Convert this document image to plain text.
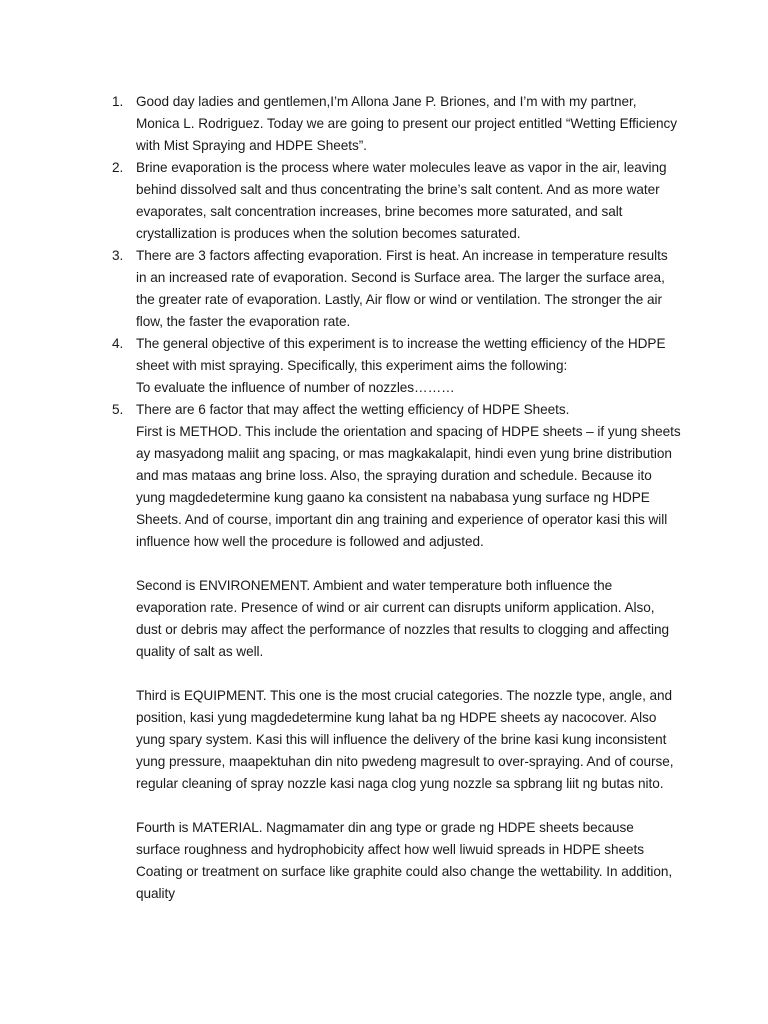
1. Good day ladies and gentlemen,I’m Allona Jane P. Briones, and I’m with my partner, Monica L. Rodriguez. Today we are going to present our project entitled “Wetting Efficiency with Mist Spraying and HDPE Sheets”.

2. Brine evaporation is the process where water molecules leave as vapor in the air, leaving behind dissolved salt and thus concentrating the brine’s salt content. And as more water evaporates, salt concentration increases, brine becomes more saturated, and salt crystallization is produces when the solution becomes saturated.

3. There are 3 factors affecting evaporation. First is heat. An increase in temperature results in an increased rate of evaporation. Second is Surface area. The larger the surface area, the greater rate of evaporation. Lastly, Air flow or wind or ventilation. The stronger the air flow, the faster the evaporation rate.

4. The general objective of this experiment is to increase the wetting efficiency of the HDPE sheet with mist spraying. Specifically, this experiment aims the following:

To evaluate the influence of number of nozzles………

5. There are 6 factor that may affect the wetting efficiency of HDPE Sheets.

First is METHOD. This include the orientation and spacing of HDPE sheets – if yung sheets ay masyadong maliit ang spacing, or mas magkakalapit, hindi even yung brine distribution and mas mataas ang brine loss. Also, the spraying duration and schedule. Because ito yung magdedetermine kung gaano ka consistent na nababasa yung surface ng HDPE Sheets. And of course, important din ang training and experience of operator kasi this will influence how well the procedure is followed and adjusted.

Second is ENVIRONEMENT. Ambient and water temperature both influence the evaporation rate. Presence of wind or air current can disrupts uniform application. Also, dust or debris may affect the performance of nozzles that results to clogging and affecting quality of salt as well.

Third is EQUIPMENT. This one is the most crucial categories. The nozzle type, angle, and position, kasi yung magdedetermine kung lahat ba ng HDPE sheets ay nacocover. Also yung spary system. Kasi this will influence the delivery of the brine kasi kung inconsistent yung pressure, maapektuhan din nito pwedeng magresult to over-spraying. And of course, regular cleaning of spray nozzle kasi naga clog yung nozzle sa spbrang liit ng butas nito.

Fourth is MATERIAL. Nagmamater din ang type or grade ng HDPE sheets because surface roughness and hydrophobicity affect how well liwuid spreads in HDPE sheets Coating or treatment on surface like graphite could also change the wettability. In addition, quality
